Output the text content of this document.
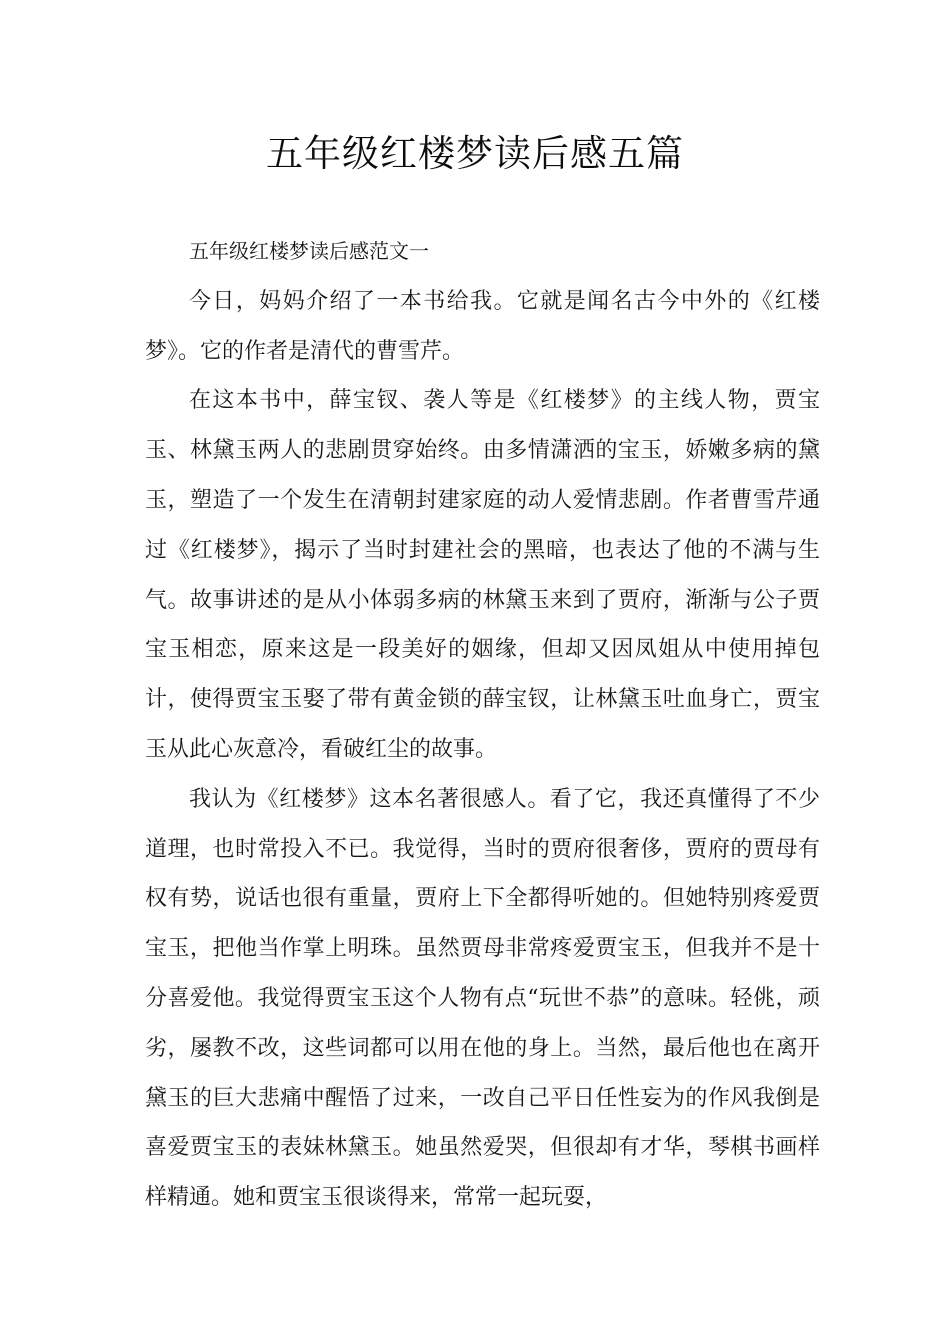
五年级红楼梦读后感五篇

五年级红楼梦读后感范文一

今日，妈妈介绍了一本书给我。它就是闻名古今中外的《红楼梦》。它的作者是清代的曹雪芹。

在这本书中，薛宝钗、袭人等是《红楼梦》的主线人物，贾宝玉、林黛玉两人的悲剧贯穿始终。由多情潇洒的宝玉，娇嫩多病的黛玉，塑造了一个发生在清朝封建家庭的动人爱情悲剧。作者曹雪芹通过《红楼梦》，揭示了当时封建社会的黑暗，也表达了他的不满与生气。故事讲述的是从小体弱多病的林黛玉来到了贾府，渐渐与公子贾宝玉相恋，原来这是一段美好的姻缘，但却又因凤姐从中使用掉包计，使得贾宝玉娶了带有黄金锁的薛宝钗，让林黛玉吐血身亡，贾宝玉从此心灰意冷，看破红尘的故事。

我认为《红楼梦》这本名著很感人。看了它，我还真懂得了不少道理，也时常投入不已。我觉得，当时的贾府很奢侈，贾府的贾母有权有势，说话也很有重量，贾府上下全都得听她的。但她特别疼爱贾宝玉，把他当作掌上明珠。虽然贾母非常疼爱贾宝玉，但我并不是十分喜爱他。我觉得贾宝玉这个人物有点“玩世不恭”的意味。轻佻，顽劣，屡教不改，这些词都可以用在他的身上。当然，最后他也在离开黛玉的巨大悲痛中醒悟了过来，一改自己平日任性妄为的作风我倒是喜爱贾宝玉的表妹林黛玉。她虽然爱哭，但很却有才华，琴棋书画样样精通。她和贾宝玉很谈得来，常常一起玩耍，
